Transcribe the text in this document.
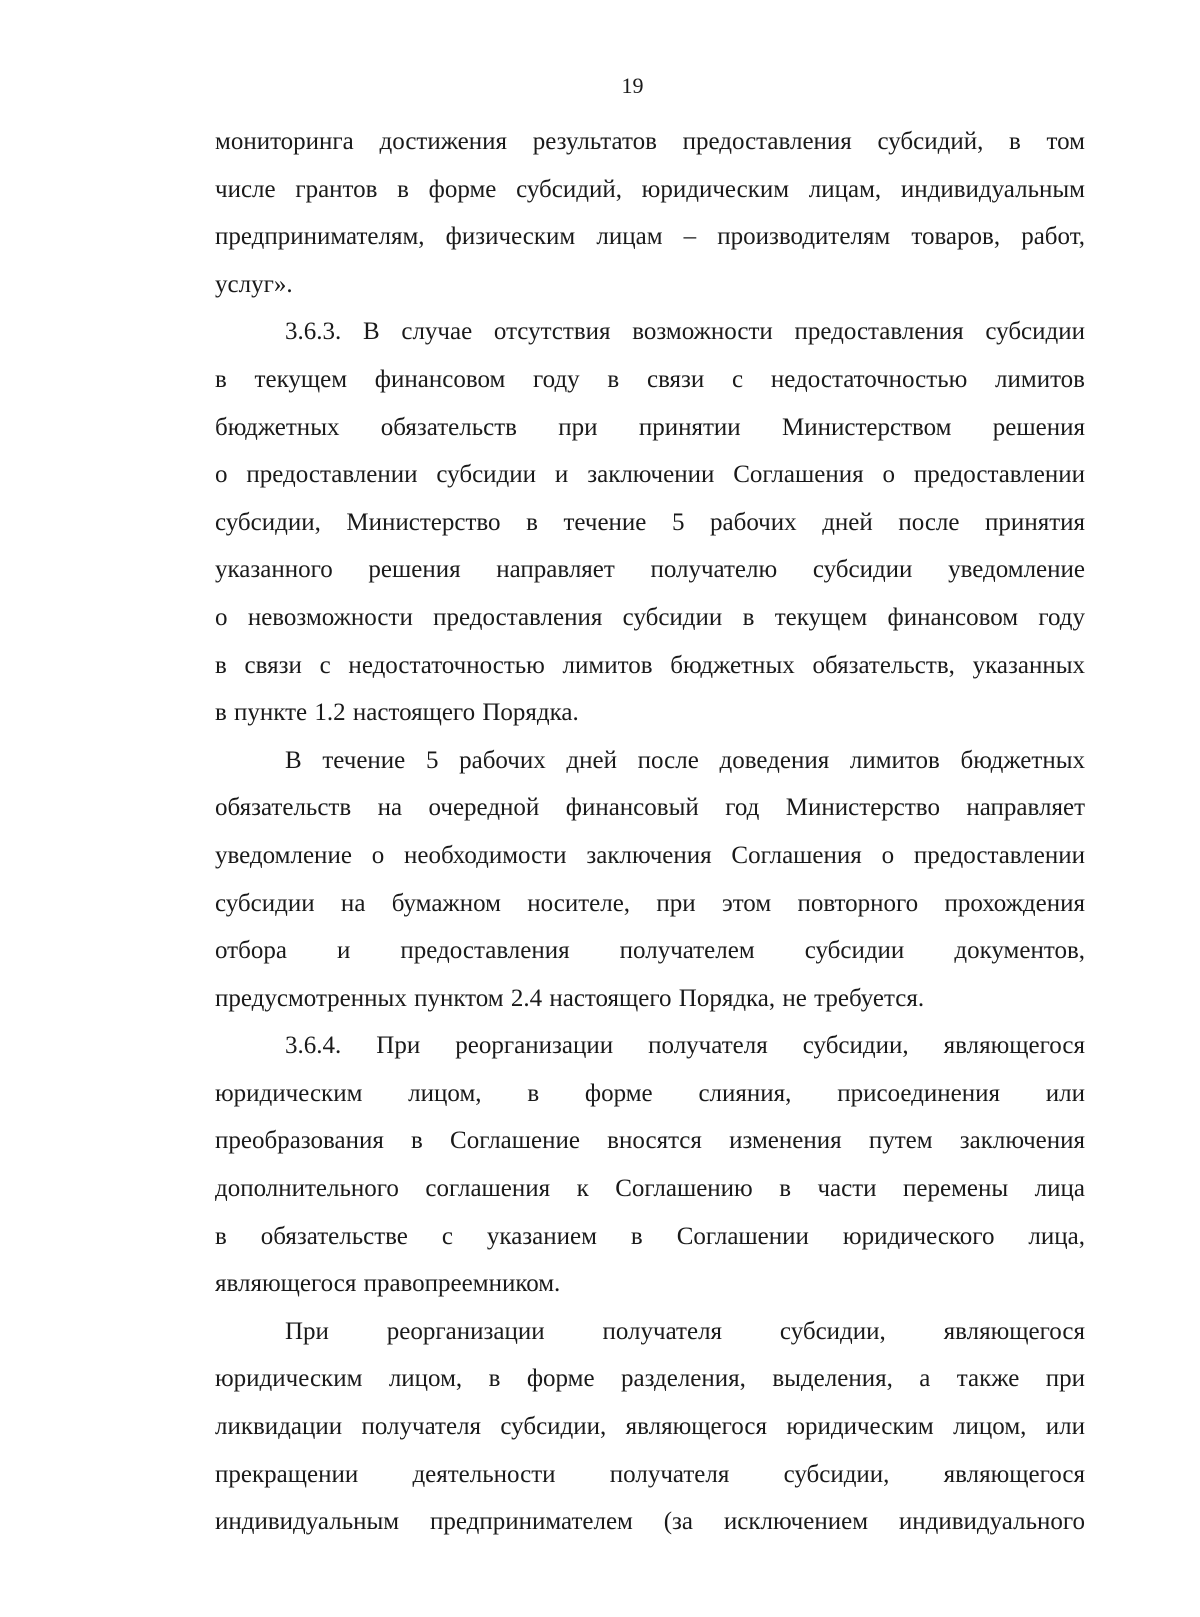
19
мониторинга достижения результатов предоставления субсидий, в том
числе грантов в форме субсидий, юридическим лицам, индивидуальным
предпринимателям, физическим лицам – производителям товаров, работ,
услуг».
3.6.3. В случае отсутствия возможности предоставления субсидии
в текущем финансовом году в связи с недостаточностью лимитов
бюджетных обязательств при принятии Министерством решения
о предоставлении субсидии и заключении Соглашения о предоставлении
субсидии, Министерство в течение 5 рабочих дней после принятия
указанного решения направляет получателю субсидии уведомление
о невозможности предоставления субсидии в текущем финансовом году
в связи с недостаточностью лимитов бюджетных обязательств, указанных
в пункте 1.2 настоящего Порядка.
В течение 5 рабочих дней после доведения лимитов бюджетных
обязательств на очередной финансовый год Министерство направляет
уведомление о необходимости заключения Соглашения о предоставлении
субсидии на бумажном носителе, при этом повторного прохождения
отбора и предоставления получателем субсидии документов,
предусмотренных пунктом 2.4 настоящего Порядка, не требуется.
3.6.4. При реорганизации получателя субсидии, являющегося
юридическим лицом, в форме слияния, присоединения или
преобразования в Соглашение вносятся изменения путем заключения
дополнительного соглашения к Соглашению в части перемены лица
в обязательстве с указанием в Соглашении юридического лица,
являющегося правопреемником.
При реорганизации получателя субсидии, являющегося
юридическим лицом, в форме разделения, выделения, а также при
ликвидации получателя субсидии, являющегося юридическим лицом, или
прекращении деятельности получателя субсидии, являющегося
индивидуальным предпринимателем (за исключением индивидуального
